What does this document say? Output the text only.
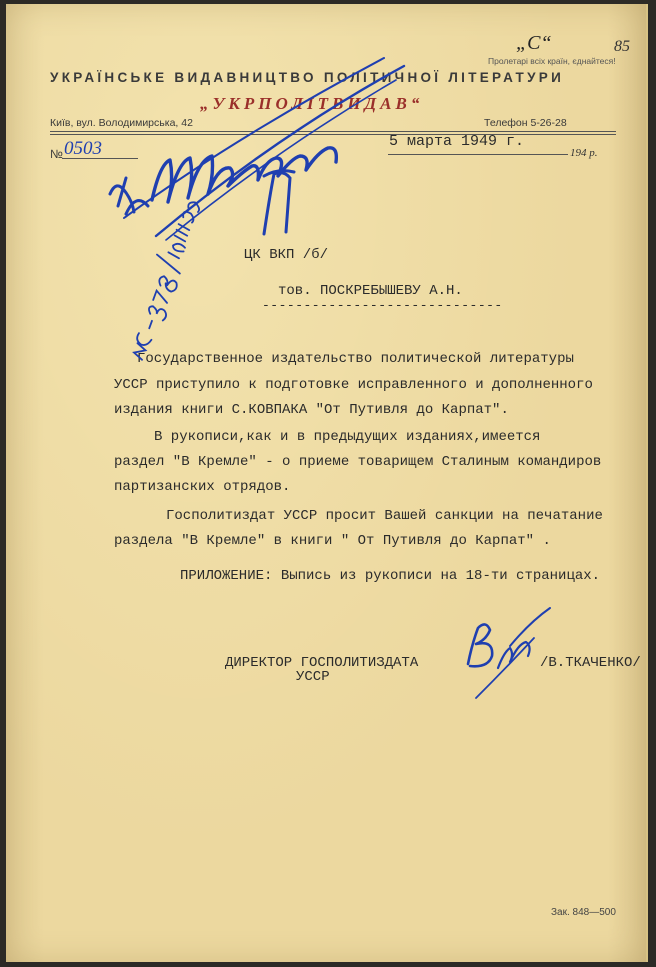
„С“	85
Пролетарі всіх країн, єднайтеся!
УКРАЇНСЬКЕ ВИДАВНИЦТВО ПОЛІТИЧНОЇ ЛІТЕРАТУРИ
„УКРПОЛІТВИДАВ“
Київ, вул. Володимирська, 42	Телефон 5-26-28
№ 0503	5 марта 1949 г.
194 р.
ЦК ВКП /б/
тов. ПОСКРЕБЫШЕВУ А.Н.
-----------------------------
Государственное издательство политической литературы
УССР приступило к подготовке исправленного и дополненного
издания книги С.КОВПАКА "От Путивля до Карпат".
В рукописи,как и в предыдущих изданиях,имеется
раздел "В Кремле" - о приеме товарищем Сталиным командиров
партизанских отрядов.
Госполитиздат УССР просит Вашей санкции на печатание
раздела "В Кремле" в книги " От Путивля до Карпат" .
ПРИЛОЖЕНИЕ: Выпись из рукописи на 18-ти страницах.
ДИРЕКТОР ГОСПОЛИТИЗДАТА
УССР
/В.ТКАЧЕНКО/
Зак. 848—500
